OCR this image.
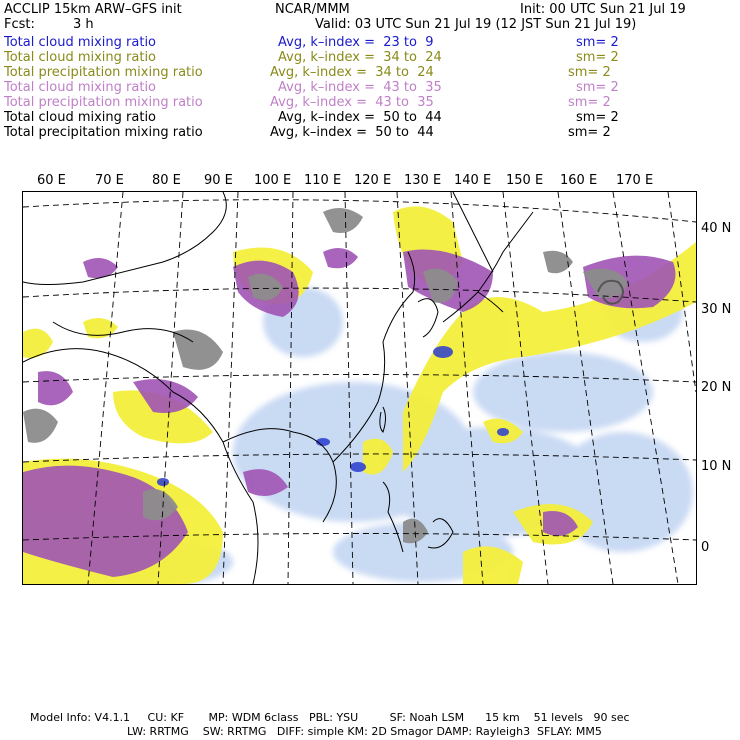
ACCLIP 15km ARW–GFS init	NCAR/MMM	Init: 00 UTC Sun 21 Jul 19
Fcst:	3 h	Valid: 03 UTC Sun 21 Jul 19 (12 JST Sun 21 Jul 19)
Total cloud mixing ratio	Avg, k–index =  23 to  9	sm= 2
Total cloud mixing ratio	Avg, k–index =  34 to  24	sm= 2
Total precipitation mixing ratio	Avg, k–index =  34 to  24	sm= 2
Total cloud mixing ratio	Avg, k–index =  43 to  35	sm= 2
Total precipitation mixing ratio	Avg, k–index =  43 to  35	sm= 2
Total cloud mixing ratio	Avg, k–index =  50 to  44	sm= 2
Total precipitation mixing ratio	Avg, k–index =  50 to  44	sm= 2
60 E 70 E 80 E 90 E 100 E 110 E 120 E 130 E 140 E 150 E 160 E 170 E
40 N
30 N
20 N
10 N
0
Model Info: V4.1.1     CU: KF       MP: WDM 6class   PBL: YSU         SF: Noah LSM      15 km    51 levels   90 sec
LW: RRTMG    SW: RRTMG   DIFF: simple KM: 2D Smagor DAMP: Rayleigh3  SFLAY: MM5
